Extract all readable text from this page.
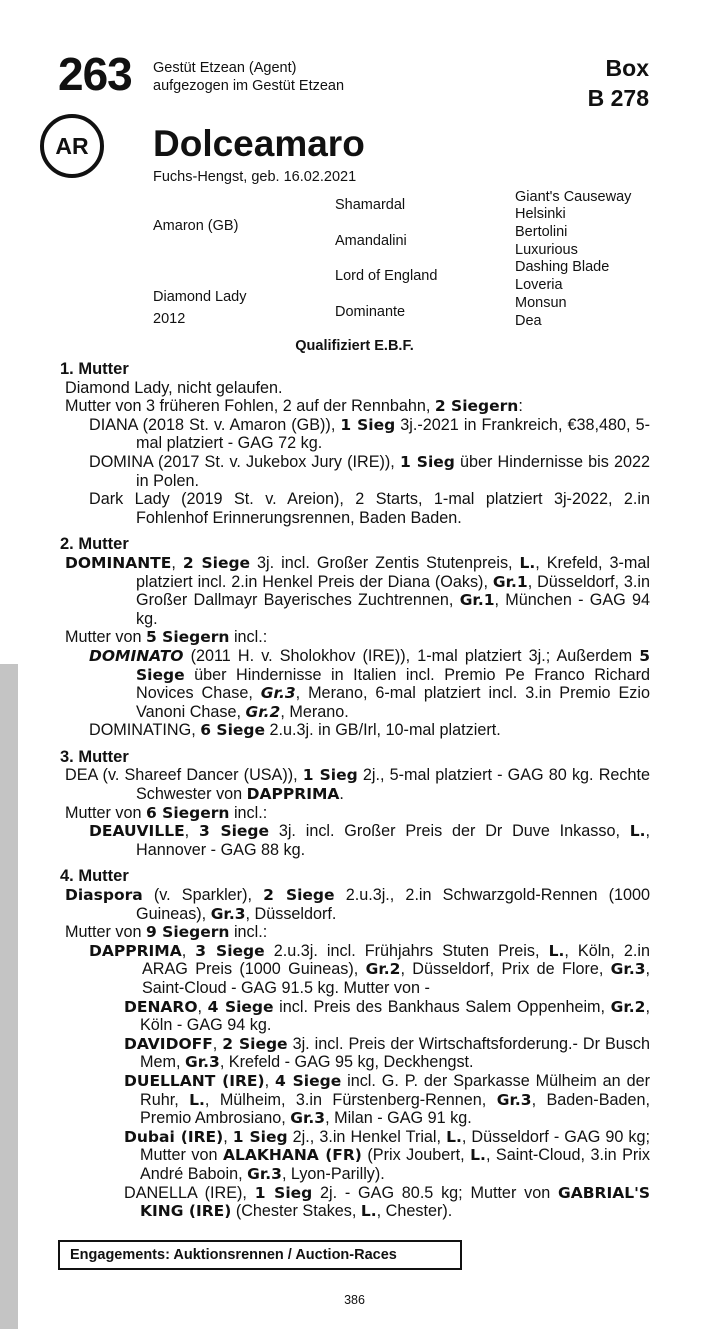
263 Gestüt Etzean (Agent)
aufgezogen im Gestüt Etzean
Box
B 278
AR	Dolceamaro
Fuchs-Hengst, geb. 16.02.2021
Amaron (GB)
Diamond Lady
2012
Shamardal
Amandalini
Lord of England
Dominante
Giant's Causeway
Helsinki
Bertolini
Luxurious
Dashing Blade
Loveria
Monsun
Dea
Qualifiziert E.B.F.
1. Mutter
Diamond Lady, nicht gelaufen.
Mutter von 3 früheren Fohlen, 2 auf der Rennbahn, 2 Siegern:
DIANA (2018 St. v. Amaron (GB)), 1 Sieg 3j.-2021 in Frankreich, €38,480, 5-mal platziert - GAG 72 kg.
DOMINA (2017 St. v. Jukebox Jury (IRE)), 1 Sieg über Hindernisse bis 2022 in Polen.
Dark Lady (2019 St. v. Areion), 2 Starts, 1-mal platziert 3j-2022, 2.in Fohlenhof Erinnerungsrennen, Baden Baden.
2. Mutter
DOMINANTE, 2 Siege 3j. incl. Großer Zentis Stutenpreis, L., Krefeld, 3-mal platziert incl. 2.in Henkel Preis der Diana (Oaks), Gr.1, Düsseldorf, 3.in Großer Dallmayr Bayerisches Zuchtrennen, Gr.1, München - GAG 94 kg.
Mutter von 5 Siegern incl.:
DOMINATO (2011 H. v. Sholokhov (IRE)), 1-mal platziert 3j.; Außerdem 5 Siege über Hindernisse in Italien incl. Premio Pe Franco Richard Novices Chase, Gr.3, Merano, 6-mal platziert incl. 3.in Premio Ezio Vanoni Chase, Gr.2, Merano.
DOMINATING, 6 Siege 2.u.3j. in GB/Irl, 10-mal platziert.
3. Mutter
DEA (v. Shareef Dancer (USA)), 1 Sieg 2j., 5-mal platziert - GAG 80 kg. Rechte Schwester von DAPPRIMA.
Mutter von 6 Siegern incl.:
DEAUVILLE, 3 Siege 3j. incl. Großer Preis der Dr Duve Inkasso, L., Hannover - GAG 88 kg.
4. Mutter
Diaspora (v. Sparkler), 2 Siege 2.u.3j., 2.in Schwarzgold-Rennen (1000 Guineas), Gr.3, Düsseldorf.
Mutter von 9 Siegern incl.:
DAPPRIMA, 3 Siege 2.u.3j. incl. Frühjahrs Stuten Preis, L., Köln, 2.in ARAG Preis (1000 Guineas), Gr.2, Düsseldorf, Prix de Flore, Gr.3, Saint-Cloud - GAG 91.5 kg. Mutter von -
DENARO, 4 Siege incl. Preis des Bankhaus Salem Oppenheim, Gr.2, Köln - GAG 94 kg.
DAVIDOFF, 2 Siege 3j. incl. Preis der Wirtschaftsforderung.- Dr Busch Mem, Gr.3, Krefeld - GAG 95 kg, Deckhengst.
DUELLANT (IRE), 4 Siege incl. G. P. der Sparkasse Mülheim an der Ruhr, L., Mülheim, 3.in Fürstenberg-Rennen, Gr.3, Baden-Baden, Premio Ambrosiano, Gr.3, Milan - GAG 91 kg.
Dubai (IRE), 1 Sieg 2j., 3.in Henkel Trial, L., Düsseldorf - GAG 90 kg; Mutter von ALAKHANA (FR) (Prix Joubert, L., Saint-Cloud, 3.in Prix André Baboin, Gr.3, Lyon-Parilly).
DANELLA (IRE), 1 Sieg 2j. - GAG 80.5 kg; Mutter von GABRIAL'S KING (IRE) (Chester Stakes, L., Chester).
Engagements: Auktionsrennen / Auction-Races
386
